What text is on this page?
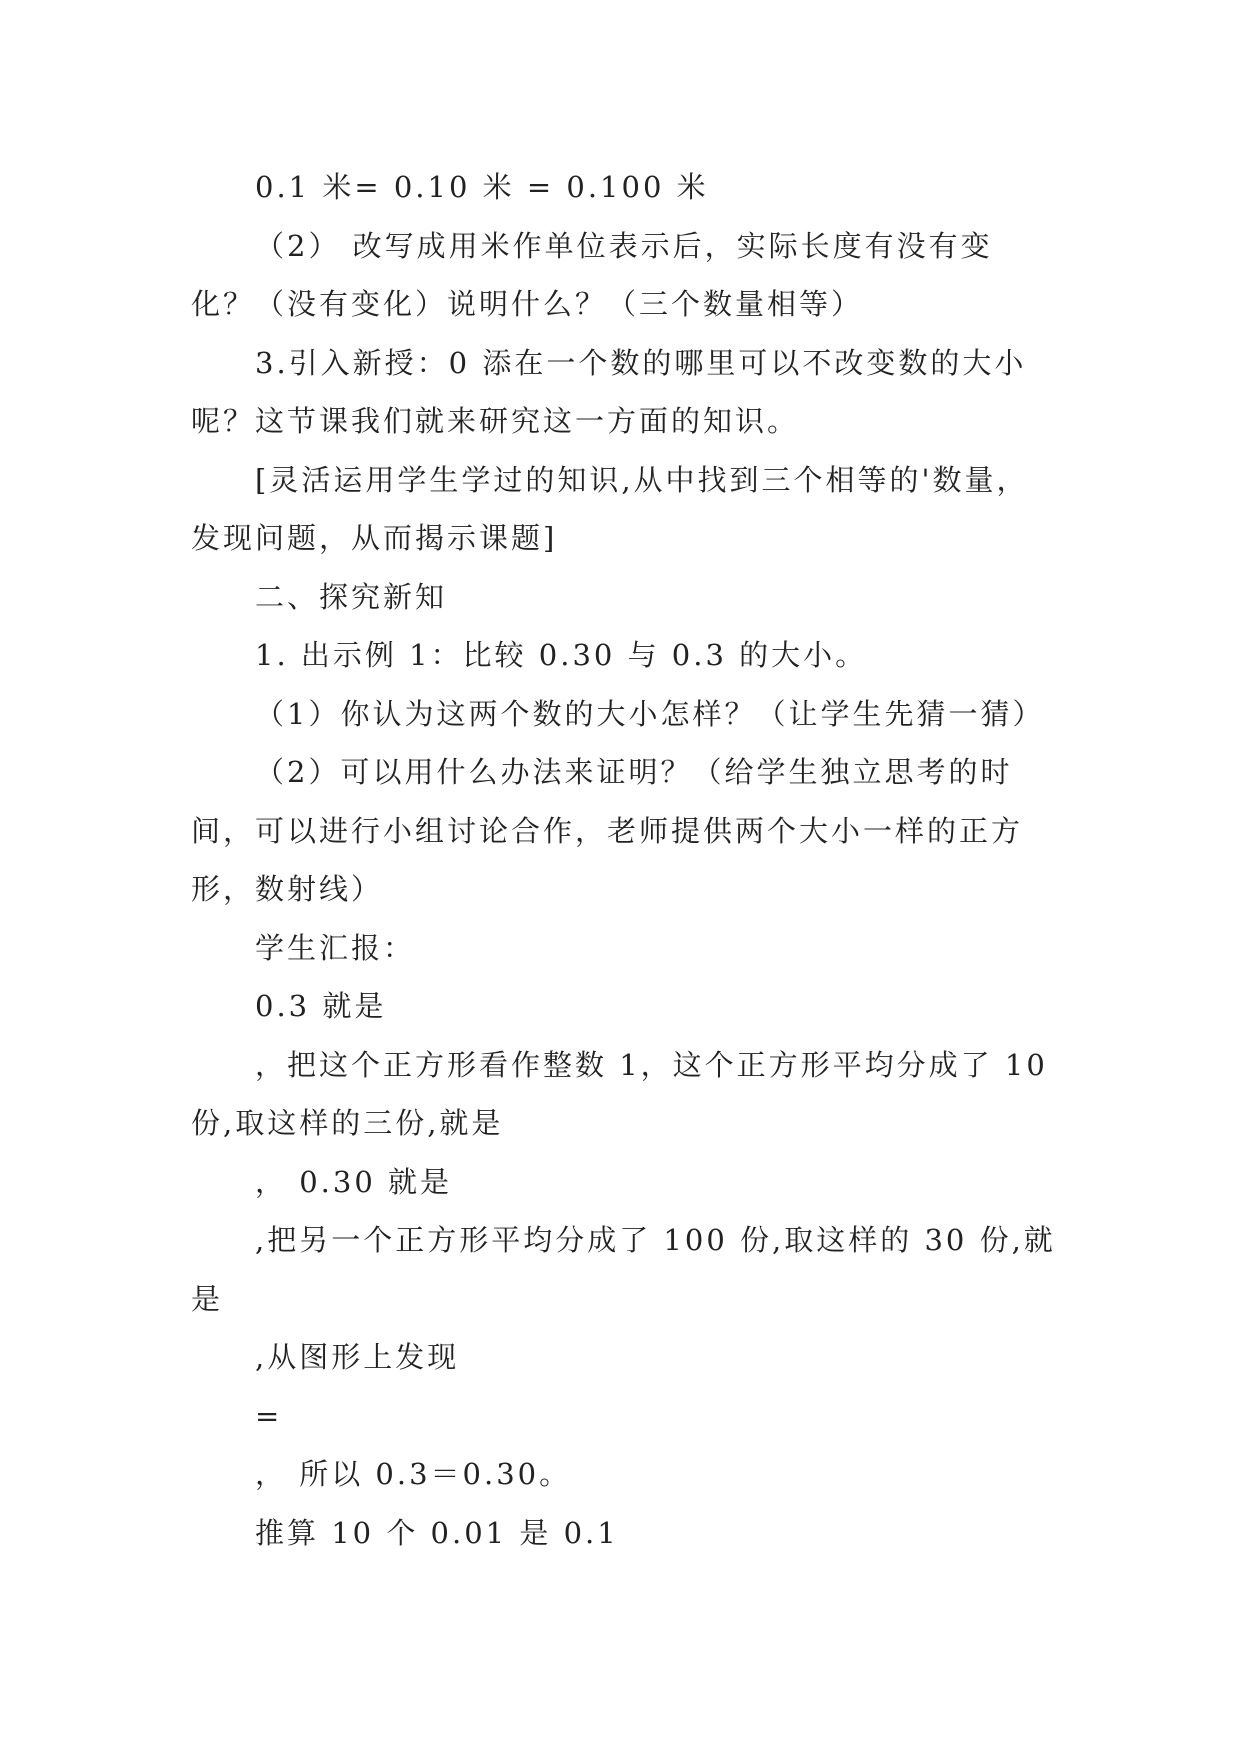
0.1 米= 0.10 米 = 0.100 米

（2） 改写成用米作单位表示后，实际长度有没有变

化？（没有变化）说明什么？（三个数量相等）

3.引入新授：0 添在一个数的哪里可以不改变数的大小

呢？这节课我们就来研究这一方面的知识。

[灵活运用学生学过的知识,从中找到三个相等的'数量，

发现问题，从而揭示课题]

二、探究新知

1. 出示例 1：比较 0.30 与 0.3 的大小。

（1）你认为这两个数的大小怎样？（让学生先猜一猜）

（2）可以用什么办法来证明？（给学生独立思考的时

间，可以进行小组讨论合作，老师提供两个大小一样的正方

形，数射线）

学生汇报：

0.3 就是

，把这个正方形看作整数 1，这个正方形平均分成了 10

份,取这样的三份,就是

， 0.30 就是

,把另一个正方形平均分成了 100 份,取这样的 30 份,就

是

,从图形上发现

=

， 所以 0.3＝0.30。

推算 10 个 0.01 是 0.1
